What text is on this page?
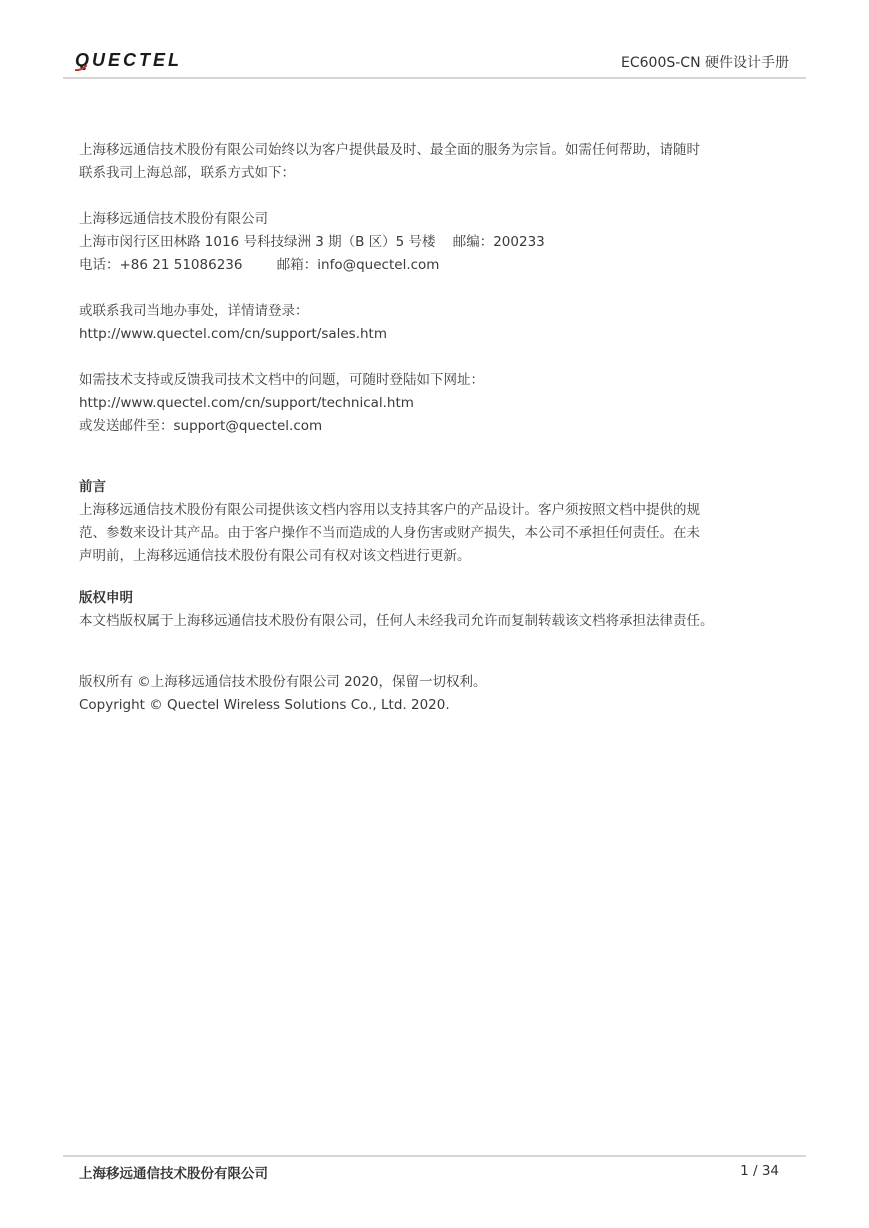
QUECTEL	EC600S-CN 硬件设计手册

上海移远通信技术股份有限公司始终以为客户提供最及时、最全面的服务为宗旨。如需任何帮助，请随时

联系我司上海总部，联系方式如下：

上海移远通信技术股份有限公司

上海市闵行区田林路 1016 号科技绿洲 3 期（B 区）5 号楼    邮编：200233

电话：+86 21 51086236        邮箱：info@quectel.com

或联系我司当地办事处，详情请登录：

http://www.quectel.com/cn/support/sales.htm

如需技术支持或反馈我司技术文档中的问题，可随时登陆如下网址：

http://www.quectel.com/cn/support/technical.htm

或发送邮件至：support@quectel.com

前言

上海移远通信技术股份有限公司提供该文档内容用以支持其客户的产品设计。客户须按照文档中提供的规

范、参数来设计其产品。由于客户操作不当而造成的人身伤害或财产损失，本公司不承担任何责任。在未

声明前，上海移远通信技术股份有限公司有权对该文档进行更新。

版权申明

本文档版权属于上海移远通信技术股份有限公司，任何人未经我司允许而复制转载该文档将承担法律责任。

版权所有 ©上海移远通信技术股份有限公司 2020，保留一切权利。

Copyright © Quectel Wireless Solutions Co., Ltd. 2020.

上海移远通信技术股份有限公司	1 / 34
